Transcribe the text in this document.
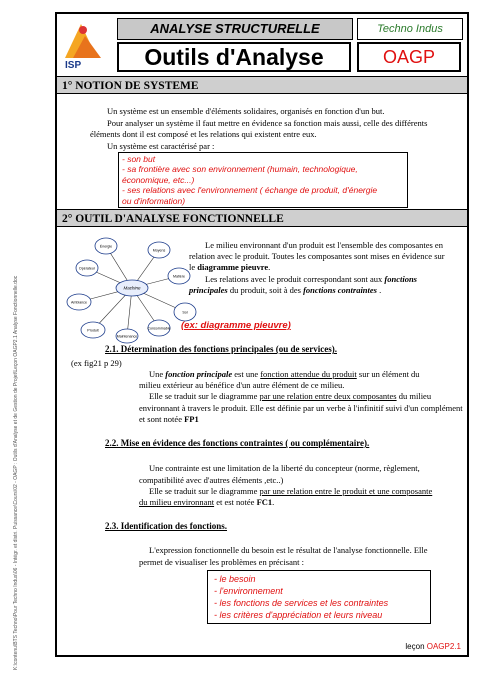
K:\contenu\BTS Techno\Pour Techno Indus\06 - Intégr. et distri. Puissance\Cours\02 - OAGP : Outils d'Analyse et de Gestion de Projet\Leçon OAGP2.1 Analyse Fonctionnelle.doc
ISP
ANALYSE STRUCTURELLE
Outils d'Analyse
Techno Indus
OAGP
1° NOTION DE SYSTEME
Un système est un ensemble d'éléments solidaires, organisés en fonction d'un but.
Pour analyser un système il faut mettre en évidence sa fonction mais aussi, celle des différents
éléments dont il est composé et les relations qui existent entre eux.
Un système est caractérisé par :
- son but
- sa frontière avec son environnement (humain, technologique,
économique, etc...)
- ses relations avec l'environnement ( échange de produit, d'énergie
ou d'information)
2° OUTIL D'ANALYSE FONCTIONNELLE
Machine
Énergie
Moyens
Opérateur
Matière
Ambiance
Sol
Produit	Consommable
Maintenance
Le milieu environnant d'un produit est l'ensemble des composantes en
relation avec le produit. Toutes les composantes sont mises en évidence sur
le diagramme pieuvre.
Les relations avec le produit correspondant sont aux fonctions
principales du produit, soit à des fonctions contraintes .
(ex: diagramme pieuvre)
2.1. Détermination des fonctions principales (ou de services).
(ex fig21 p 29)
Une fonction principale est une fonction attendue du produit sur un élément du
milieu extérieur au bénéfice d'un autre élément de ce milieu.
Elle se traduit sur le diagramme par une relation entre deux composantes du milieu
environnant à travers le produit. Elle est définie par un verbe à l'infinitif suivi d'un complément
et sont notée FP1
2.2. Mise en évidence des fonctions contraintes ( ou complémentaire).
Une contrainte est une limitation de la liberté du concepteur (norme, règlement,
compatibilité avec d'autres éléments ,etc..)
Elle se traduit sur le diagramme par une relation entre le produit et une composante
du milieu environnant et est notée FC1.
2.3. Identification des fonctions.
L'expression fonctionnelle du besoin est le résultat de l'analyse fonctionnelle. Elle
permet de visualiser les problèmes en précisant :
- le besoin
- l'environnement
- les fonctions de services et les contraintes
- les critères d'appréciation et leurs niveau
leçon OAGP2.1
